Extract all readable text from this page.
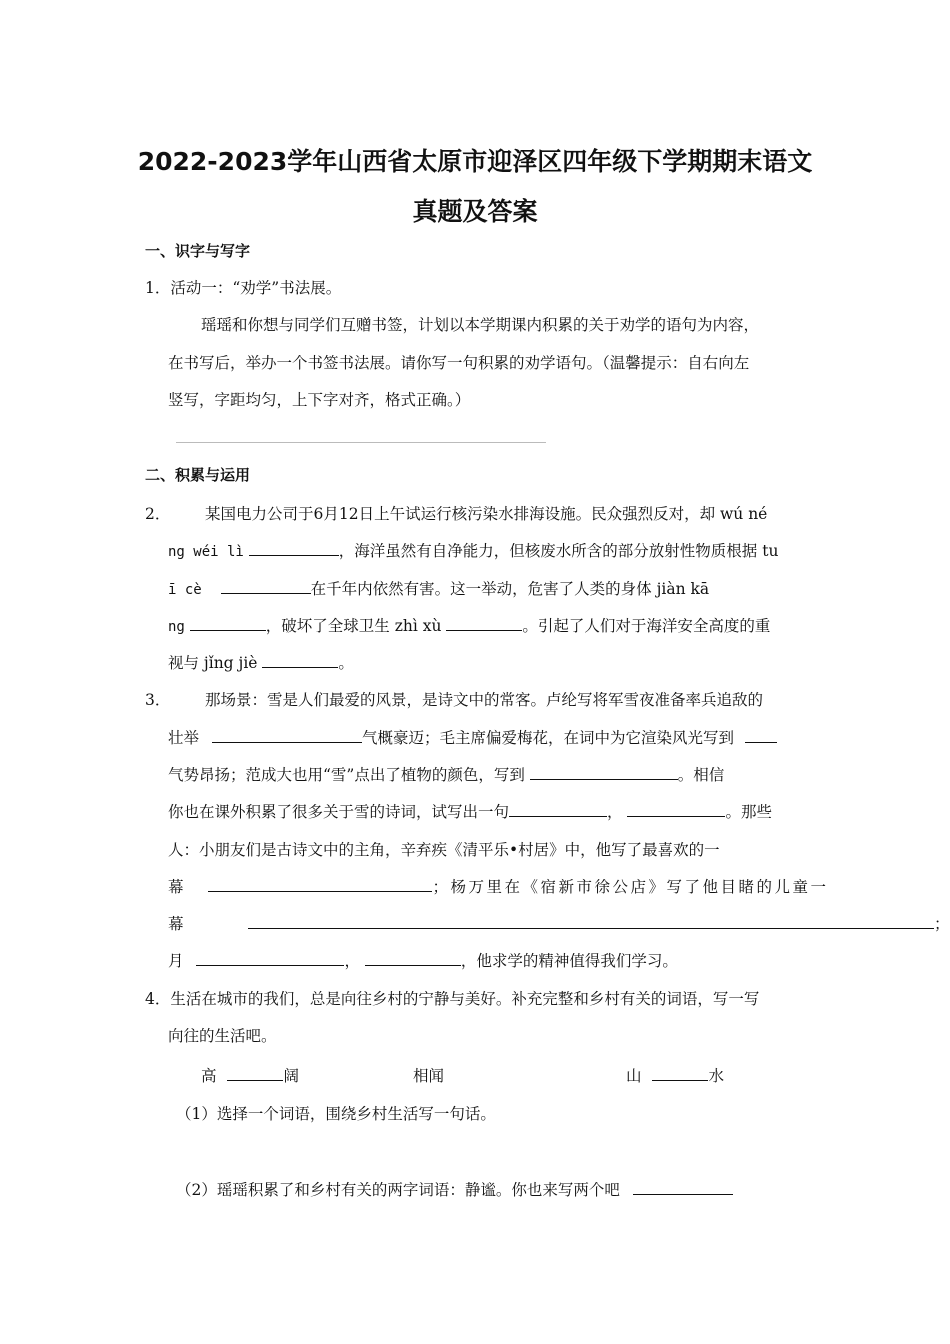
2022-2023学年山西省太原市迎泽区四年级下学期期末语文
真题及答案
一、识字与写字
1．活动一：“劝学”书法展。
瑶瑶和你想与同学们互赠书签，计划以本学期课内积累的关于劝学的语句为内容，
在书写后，举办一个书签书法展。请你写一句积累的劝学语句。（温馨提示：自右向左
竖写，字距均匀，上下字对齐，格式正确。）
二、积累与运用
2． 某国电力公司于6月12日上午试运行核污染水排海设施。民众强烈反对，却 wú né
ng wéi lì	，海洋虽然有自净能力，但核废水所含的部分放射性物质根据 tu
ī cè	在千年内依然有害。这一举动，危害了人类的身体 jiàn kā
ng	，破坏了全球卫生 zhì xù	。引起了人们对于海洋安全高度的重
视与 jǐng jiè	。
3． 那场景：雪是人们最爱的风景，是诗文中的常客。卢纶写将军雪夜准备率兵追敌的
壮举	气概豪迈；毛主席偏爱梅花，在词中为它渲染风光写到
气势昂扬；范成大也用“雪”点出了植物的颜色，写到	。相信
你也在课外积累了很多关于雪的诗词，试写出一句	，	。那些
人：小朋友们是古诗文中的主角，辛弃疾《清平乐•村居》中，他写了最喜欢的一
幕	；杨万里在《宿新市徐公店》写了他目睹的儿童一
幕	；
月	，	，他求学的精神值得我们学习。
4．生活在城市的我们，总是向往乡村的宁静与美好。补充完整和乡村有关的词语，写一写
向往的生活吧。
高	阔	相闻	山	水
（1）选择一个词语，围绕乡村生活写一句话。
（2）瑶瑶积累了和乡村有关的两字词语：静谧。你也来写两个吧
